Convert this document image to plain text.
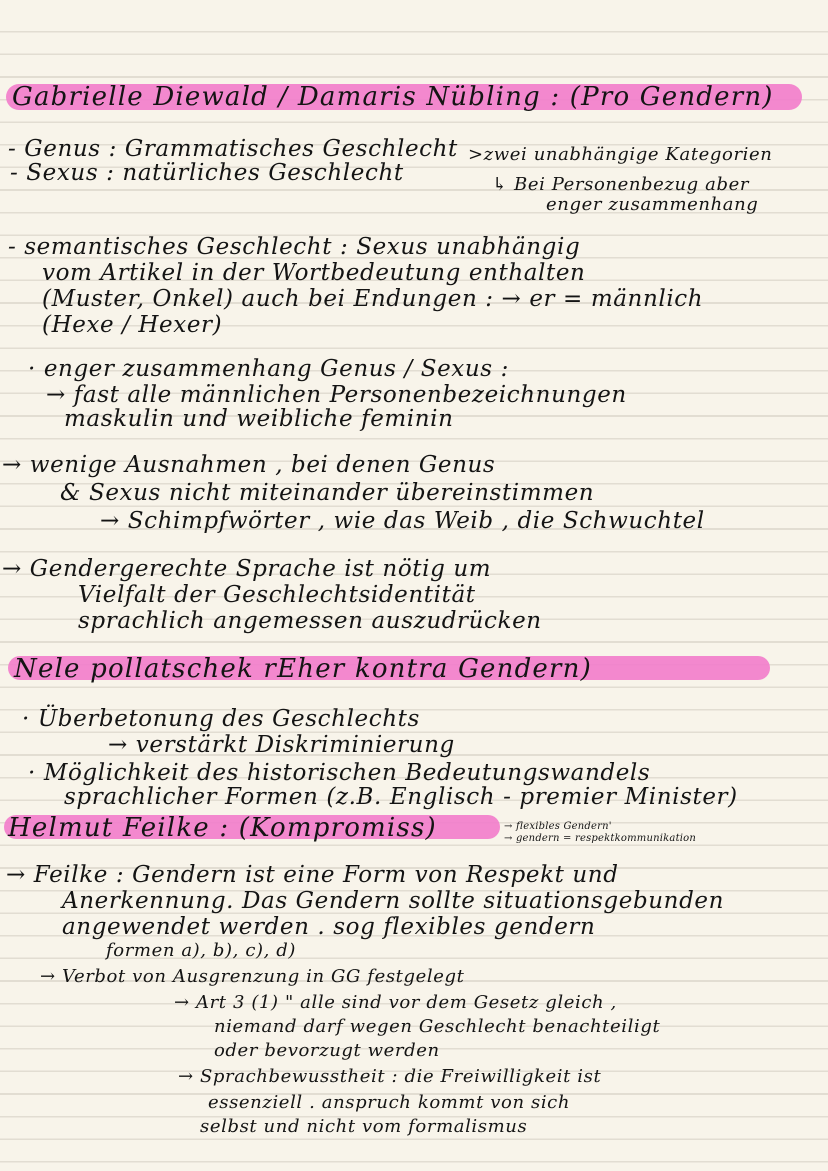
Gabrielle Diewald / Damaris Nübling : (Pro Gendern)
- Genus : Grammatisches Geschlecht
- Sexus : natürliches Geschlecht
>zwei unabhängige Kategorien
↳ Bei Personenbezug aber
enger zusammenhang
- semantisches Geschlecht : Sexus unabhängig
vom Artikel in der Wortbedeutung enthalten
(Muster, Onkel) auch bei Endungen : → er = männlich
(Hexe / Hexer)
· enger zusammenhang Genus / Sexus :
→ fast alle männlichen Personenbezeichnungen
maskulin und weibliche feminin
→ wenige Ausnahmen , bei denen Genus
& Sexus nicht miteinander übereinstimmen
→ Schimpfwörter , wie das Weib , die Schwuchtel
→ Gendergerechte Sprache ist nötig um
Vielfalt der Geschlechtsidentität
sprachlich angemessen auszudrücken
Nele pollatschek rEher kontra Gendern)
· Überbetonung des Geschlechts
→ verstärkt Diskriminierung
· Möglichkeit des historischen Bedeutungswandels
sprachlicher Formen (z.B. Englisch - premier Minister)
Helmut Feilke : (Kompromiss)	→ flexibles Gendern'
→ gendern = respektkommunikation
→ Feilke : Gendern ist eine Form von Respekt und
Anerkennung. Das Gendern sollte situationsgebunden
angewendet werden . sog flexibles gendern
formen a), b), c), d)
→ Verbot von Ausgrenzung in GG festgelegt
→ Art 3 (1) " alle sind vor dem Gesetz gleich ,
niemand darf wegen Geschlecht benachteiligt
oder bevorzugt werden
→ Sprachbewusstheit : die Freiwilligkeit ist
essenziell . anspruch kommt von sich
selbst und nicht vom formalismus
